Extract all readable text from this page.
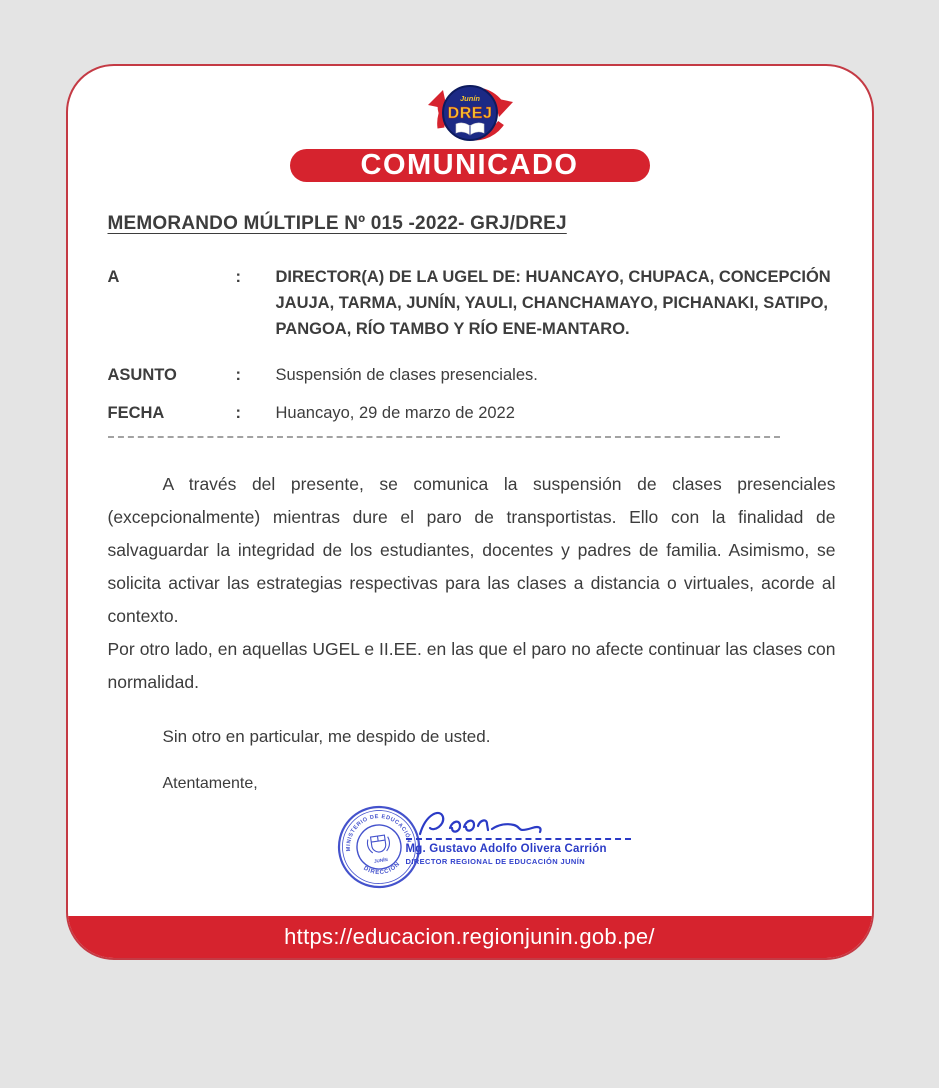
Junín
DREJ
COMUNICADO
MEMORANDO MÚLTIPLE Nº 015 -2022- GRJ/DREJ
A	:	DIRECTOR(A) DE LA UGEL DE: HUANCAYO, CHUPACA, CONCEPCIÓN
JAUJA, TARMA, JUNÍN, YAULI, CHANCHAMAYO, PICHANAKI, SATIPO,
PANGOA, RÍO TAMBO Y RÍO ENE-MANTARO.
ASUNTO	:	Suspensión de clases presenciales.
FECHA	:	Huancayo, 29 de marzo de 2022

A través del presente, se comunica la suspensión de clases presenciales (excepcionalmente) mientras dure el paro de transportistas. Ello con la finalidad de salvaguardar la integridad de los estudiantes, docentes y padres de familia. Asimismo, se solicita activar las estrategias respectivas para las clases a distancia o virtuales, acorde al contexto.

Por otro lado, en aquellas UGEL e II.EE. en las que el paro no afecte continuar las clases con normalidad.

Sin otro en particular, me despido de usted.

Atentamente,

MINISTERIO DE EDUCACIÓN
DIRECCIÓN
JUNÍN
Mg. Gustavo Adolfo Olivera Carrión
DIRECTOR REGIONAL DE EDUCACIÓN JUNÍN
https://educacion.regionjunin.gob.pe/
